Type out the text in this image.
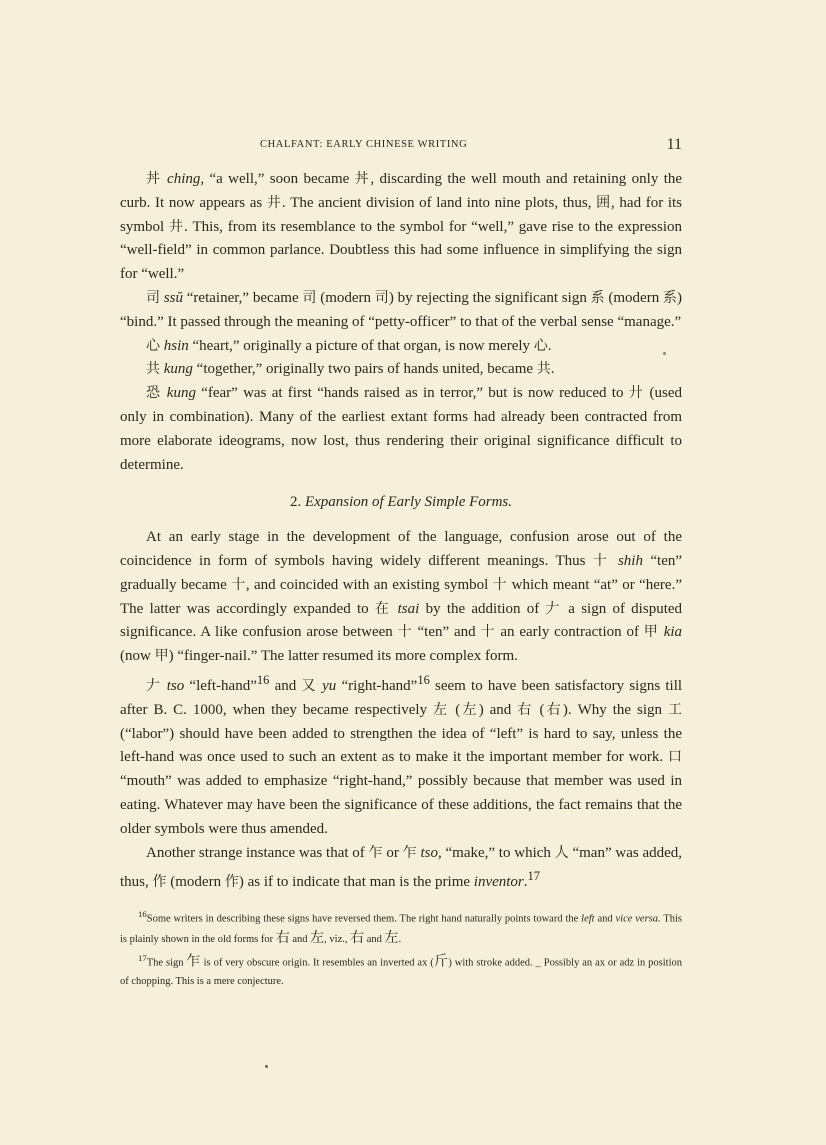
CHALFANT: EARLY CHINESE WRITING	11

丼 ching, “a well,” soon became 丼, discarding the well mouth and retaining only the curb. It now appears as 井. The ancient division of land into nine plots, thus, 囲, had for its symbol 井. This, from its resemblance to the symbol for “well,” gave rise to the expression “well-field” in common parlance. Doubtless this had some influence in simplifying the sign for “well.”

司 ssŭ “retainer,” became 司 (modern 司) by rejecting the significant sign 系 (modern 系) “bind.” It passed through the meaning of “petty-officer” to that of the verbal sense “manage.”

心 hsin “heart,” originally a picture of that organ, is now merely 心.

共 kung “together,” originally two pairs of hands united, became 共.

恐 kung “fear” was at first “hands raised as in terror,” but is now reduced to 廾 (used only in combination). Many of the earliest extant forms had already been contracted from more elaborate ideograms, now lost, thus rendering their original significance difficult to determine.

2. Expansion of Early Simple Forms.

At an early stage in the development of the language, confusion arose out of the coincidence in form of symbols having widely different meanings. Thus 十 shih “ten” gradually became 十, and coincided with an existing symbol 十 which meant “at” or “here.” The latter was accordingly expanded to 在 tsai by the addition of 𠂇 a sign of disputed significance. A like confusion arose between 十 “ten” and 十 an early contraction of 甲 kia (now 甲) “finger-nail.” The latter resumed its more complex form.

𠂇 tso “left-hand”$^{16}$ and 又 yu “right-hand”$^{16}$ seem to have been satisfactory signs till after B. C. 1000, when they became respectively 左 (左) and 右 (右). Why the sign 工 (“labor”) should have been added to strengthen the idea of “left” is hard to say, unless the left-hand was once used to such an extent as to make it the important member for work. 口 “mouth” was added to emphasize “right-hand,” possibly because that member was used in eating. Whatever may have been the significance of these additions, the fact remains that the older symbols were thus amended.

Another strange instance was that of 乍 or 乍 tso, “make,” to which 人 “man” was added, thus, 作 (modern 作) as if to indicate that man is the prime inventor.$^{17}$

$^{16}$Some writers in describing these signs have reversed them. The right hand naturally points toward the left and vice versa. This is plainly shown in the old forms for 右 and 左, viz., 右 and 左.

$^{17}$The sign 乍 is of very obscure origin. It resembles an inverted ax (斤) with stroke added. _ Possibly an ax or adz in position of chopping. This is a mere conjecture.
